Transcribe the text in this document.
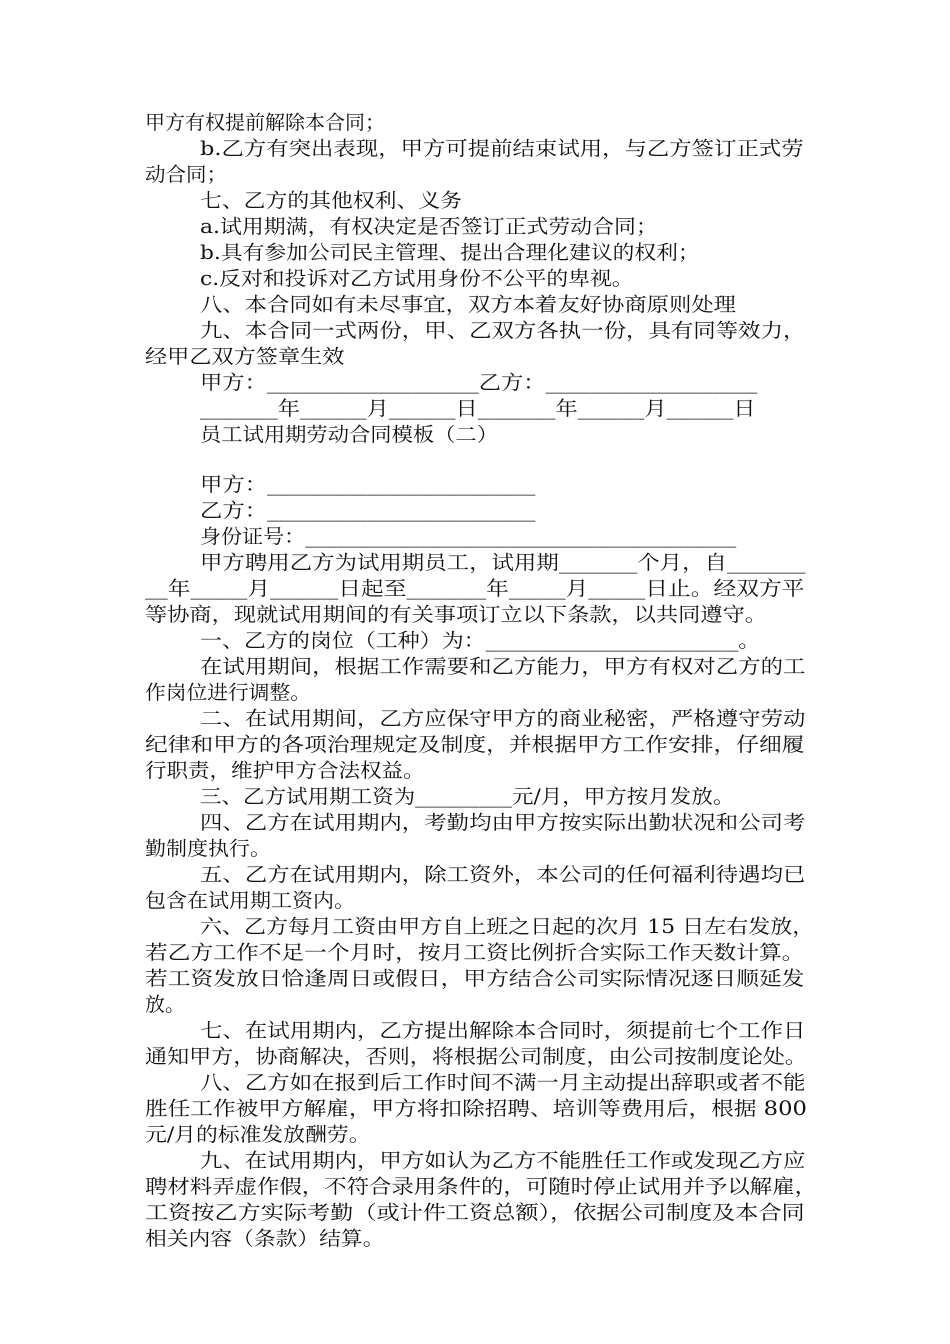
甲方有权提前解除本合同；
b.乙方有突出表现，甲方可提前结束试用，与乙方签订正式劳
动合同；
七、乙方的其他权利、义务
a.试用期满，有权决定是否签订正式劳动合同；
b.具有参加公司民主管理、提出合理化建议的权利；
c.反对和投诉对乙方试用身份不公平的卑视。
八、本合同如有未尽事宜，双方本着友好协商原则处理
九、本合同一式两份，甲、乙双方各执一份，具有同等效力，
经甲乙双方签章生效
甲方：___________________乙方：___________________
_______年______月______日_______年______月______日
员工试用期劳动合同模板（二）
甲方：________________________
乙方：________________________
身份证号：_________________________________________
甲方聘用乙方为试用期员工，试用期_______个月，自_______
__年_____月______日起至_______年_____月_____日止。经双方平
等协商，现就试用期间的有关事项订立以下条款，以共同遵守。
一、乙方的岗位（工种）为：_______________________。
在试用期间，根据工作需要和乙方能力，甲方有权对乙方的工
作岗位进行调整。
二、在试用期间，乙方应保守甲方的商业秘密，严格遵守劳动
纪律和甲方的各项治理规定及制度，并根据甲方工作安排，仔细履
行职责，维护甲方合法权益。
三、乙方试用期工资为_________元/月，甲方按月发放。
四、乙方在试用期内，考勤均由甲方按实际出勤状况和公司考
勤制度执行。
五、乙方在试用期内，除工资外，本公司的任何福利待遇均已
包含在试用期工资内。
六、乙方每月工资由甲方自上班之日起的次月 15 日左右发放，
若乙方工作不足一个月时，按月工资比例折合实际工作天数计算。
若工资发放日恰逢周日或假日，甲方结合公司实际情况逐日顺延发
放。
七、在试用期内，乙方提出解除本合同时，须提前七个工作日
通知甲方，协商解决，否则，将根据公司制度，由公司按制度论处。
八、乙方如在报到后工作时间不满一月主动提出辞职或者不能
胜任工作被甲方解雇，甲方将扣除招聘、培训等费用后，根据 800
元/月的标准发放酬劳。
九、在试用期内，甲方如认为乙方不能胜任工作或发现乙方应
聘材料弄虚作假，不符合录用条件的，可随时停止试用并予以解雇，
工资按乙方实际考勤（或计件工资总额），依据公司制度及本合同
相关内容（条款）结算。
